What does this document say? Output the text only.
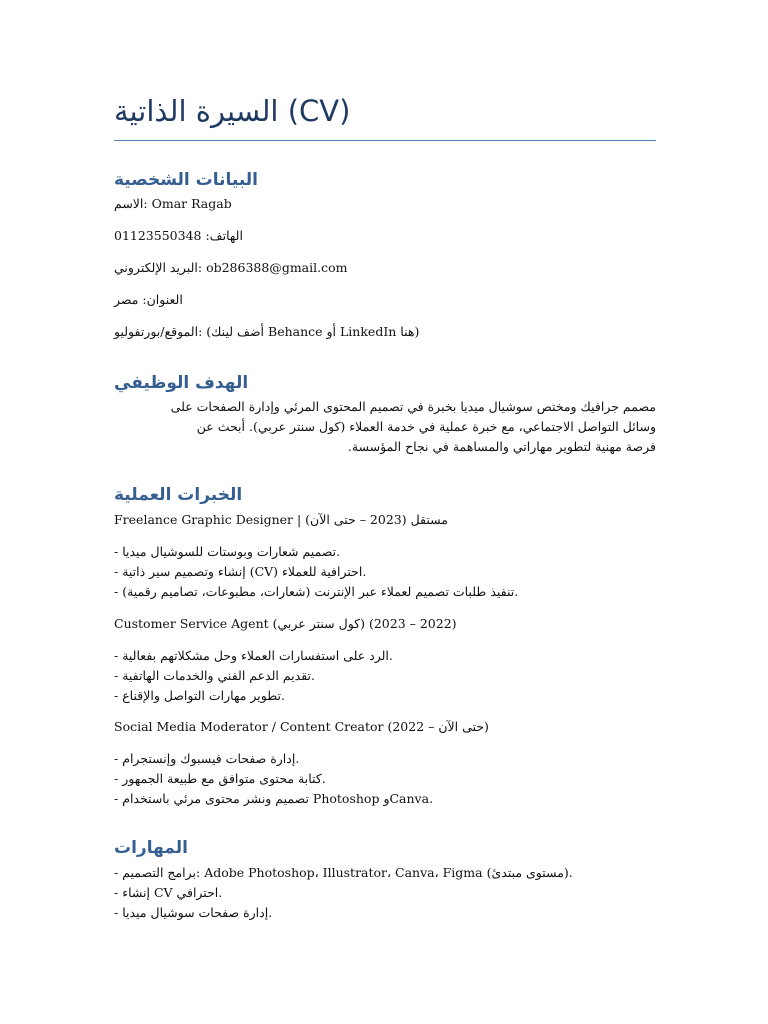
السيرة الذاتية (CV)
البيانات الشخصية
الاسم: Omar Ragab
الهاتف: 01123550348
البريد الإلكتروني: ob286388@gmail.com
العنوان: مصر
الموقع/بورتفوليو: (أضف لينك Behance أو LinkedIn هنا)
الهدف الوظيفي
مصمم جرافيك ومختص سوشيال ميديا بخبرة في تصميم المحتوى المرئي وإدارة الصفحات على
وسائل التواصل الاجتماعي، مع خبرة عملية في خدمة العملاء (كول سنتر عربي). أبحث عن
فرصة مهنية لتطوير مهاراتي والمساهمة في نجاح المؤسسة.
الخبرات العملية
Freelance Graphic Designer | مستقل (2023 – حتى الآن)
- تصميم شعارات وبوستات للسوشيال ميديا.
- إنشاء وتصميم سير ذاتية (CV) احترافية للعملاء.
- تنفيذ طلبات تصميم لعملاء عبر الإنترنت (شعارات، مطبوعات، تصاميم رقمية).
Customer Service Agent (كول سنتر عربي) (2022 – 2023)
- الرد على استفسارات العملاء وحل مشكلاتهم بفعالية.
- تقديم الدعم الفني والخدمات الهاتفية.
- تطوير مهارات التواصل والإقناع.
Social Media Moderator / Content Creator (2022 – حتى الآن)
- إدارة صفحات فيسبوك وإنستجرام.
- كتابة محتوى متوافق مع طبيعة الجمهور.
- تصميم ونشر محتوى مرئي باستخدام Photoshop وCanva.
المهارات
- برامج التصميم: Adobe Photoshop، Illustrator، Canva، Figma (مستوى مبتدئ).
- إنشاء CV احترافي.
- إدارة صفحات سوشيال ميديا.
